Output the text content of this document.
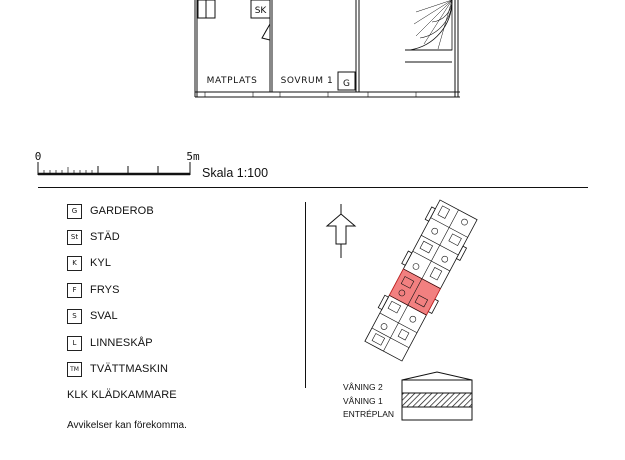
SK
MATPLATS	SOVRUM 1 G
0	5m
Skala 1:100
G	GARDEROB
St	STÄD
K	KYL
F	FRYS
S	SVAL
L	LINNESKÅP
TM TVÄTTMASKIN
KLK KLÄDKAMMARE
Avvikelser kan förekomma.
VÅNING 2
VÅNING 1
ENTRÉPLAN
